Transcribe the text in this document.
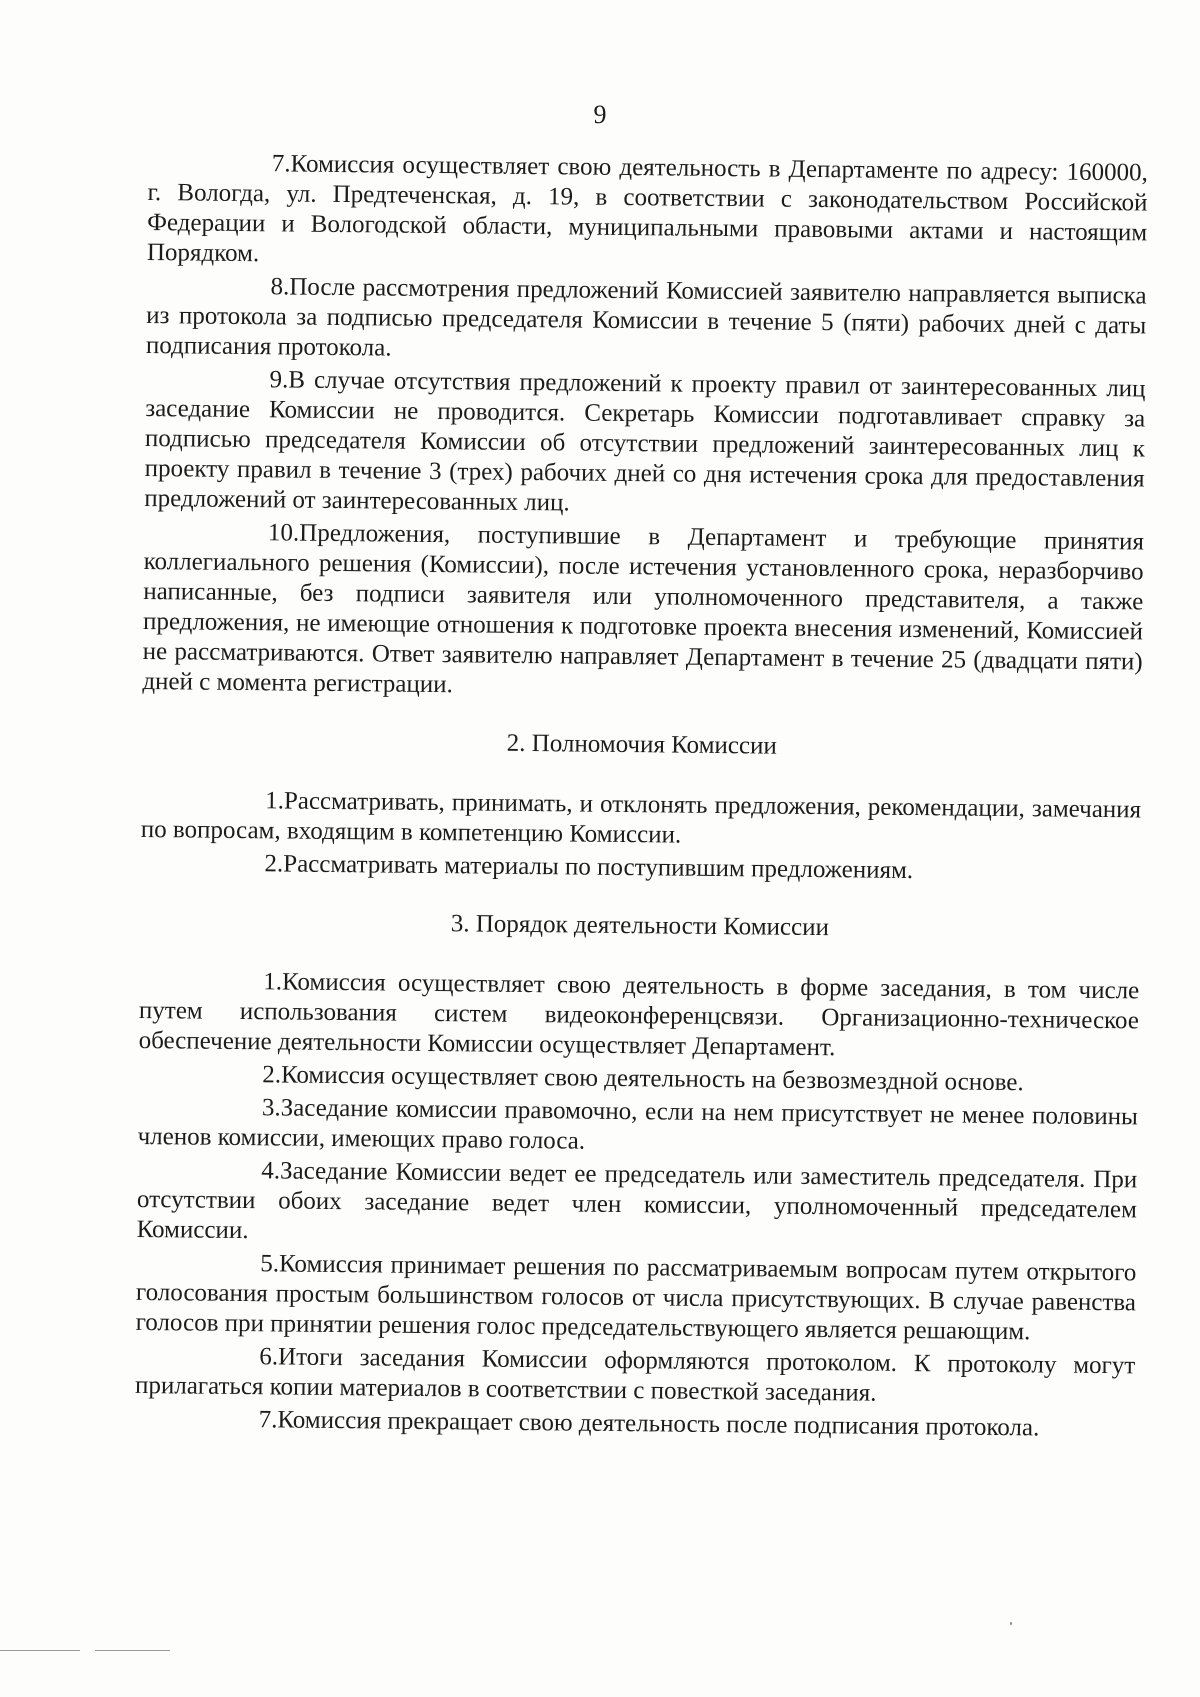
9

7.Комиссия осуществляет свою деятельность в Департаменте по адресу: 160000, г. Вологда, ул. Предтеченская, д. 19, в соответствии с законодательством Российской Федерации и Вологодской области, муниципальными правовыми актами и настоящим Порядком.

8.После рассмотрения предложений Комиссией заявителю направляется выписка из протокола за подписью председателя Комиссии в течение 5 (пяти) рабочих дней с даты подписания протокола.

9.В случае отсутствия предложений к проекту правил от заинтересованных лиц заседание Комиссии не проводится. Секретарь Комиссии подготавливает справку за подписью председателя Комиссии об отсутствии предложений заинтересованных лиц к проекту правил в течение 3 (трех) рабочих дней со дня истечения срока для предоставления предложений от заинтересованных лиц.

10.Предложения, поступившие в Департамент и требующие принятия коллегиального решения (Комиссии), после истечения установленного срока, неразборчиво написанные, без подписи заявителя или уполномоченного представителя, а также предложения, не имеющие отношения к подготовке проекта внесения изменений, Комиссией не рассматриваются. Ответ заявителю направляет Департамент в течение 25 (двадцати пяти) дней с момента регистрации.

2. Полномочия Комиссии

1.Рассматривать, принимать, и отклонять предложения, рекомендации, замечания по вопросам, входящим в компетенцию Комиссии.

2.Рассматривать материалы по поступившим предложениям.

3. Порядок деятельности Комиссии

1.Комиссия осуществляет свою деятельность в форме заседания, в том числе путем использования систем видеоконференцсвязи. Организационно-техническое обеспечение деятельности Комиссии осуществляет Департамент.

2.Комиссия осуществляет свою деятельность на безвозмездной основе.

3.Заседание комиссии правомочно, если на нем присутствует не менее половины членов комиссии, имеющих право голоса.

4.Заседание Комиссии ведет ее председатель или заместитель председателя. При отсутствии обоих заседание ведет член комиссии, уполномоченный председателем Комиссии.

5.Комиссия принимает решения по рассматриваемым вопросам путем открытого голосования простым большинством голосов от числа присутствующих. В случае равенства голосов при принятии решения голос председательствующего является решающим.

6.Итоги заседания Комиссии оформляются протоколом. К протоколу могут прилагаться копии материалов в соответствии с повесткой заседания.

7.Комиссия прекращает свою деятельность после подписания протокола.
